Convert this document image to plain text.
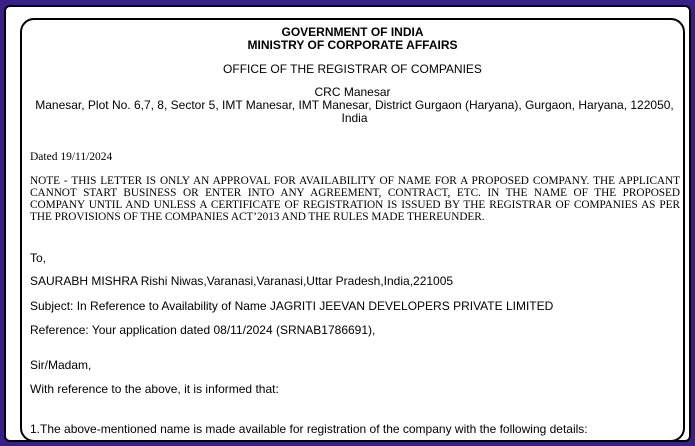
GOVERNMENT OF INDIA
MINISTRY OF CORPORATE AFFAIRS
OFFICE OF THE REGISTRAR OF COMPANIES
CRC Manesar
Manesar, Plot No. 6,7, 8, Sector 5, IMT Manesar, IMT Manesar, District Gurgaon (Haryana), Gurgaon, Haryana, 122050, India
Dated 19/11/2024
NOTE - THIS LETTER IS ONLY AN APPROVAL FOR AVAILABILITY OF NAME FOR A PROPOSED COMPANY. THE APPLICANT CANNOT START BUSINESS OR ENTER INTO ANY AGREEMENT, CONTRACT, ETC. IN THE NAME OF THE PROPOSED COMPANY UNTIL AND UNLESS A CERTIFICATE OF REGISTRATION IS ISSUED BY THE REGISTRAR OF COMPANIES AS PER THE PROVISIONS OF THE COMPANIES ACT’2013 AND THE RULES MADE THEREUNDER.
To,
SAURABH MISHRA Rishi Niwas,Varanasi,Varanasi,Uttar Pradesh,India,221005
Subject: In Reference to Availability of Name JAGRITI JEEVAN DEVELOPERS PRIVATE LIMITED
Reference: Your application dated 08/11/2024 (SRNAB1786691),
Sir/Madam,
With reference to the above, it is informed that:
1.The above-mentioned name is made available for registration of the company with the following details:
